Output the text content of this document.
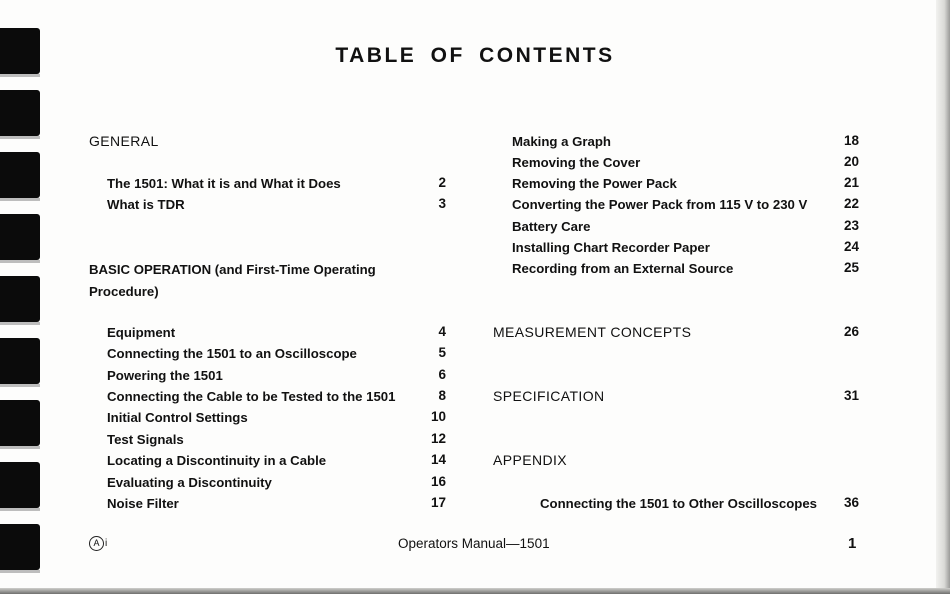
TABLE OF CONTENTS
GENERAL
The 1501: What it is and What it Does	2
What is TDR	3
BASIC OPERATION (and First-Time Operating
Procedure)
Equipment	4
Connecting the 1501 to an Oscilloscope	5
Powering the 1501	6
Connecting the Cable to be Tested to the 1501	8
Initial Control Settings	10
Test Signals	12
Locating a Discontinuity in a Cable	14
Evaluating a Discontinuity	16
Noise Filter	17
Making a Graph	18
Removing the Cover	20
Removing the Power Pack	21
Converting the Power Pack from 115 V to 230 V	22
Battery Care	23
Installing Chart Recorder Paper	24
Recording from an External Source	25
MEASUREMENT CONCEPTS	26
SPECIFICATION	31
APPENDIX
Connecting the 1501 to Other Oscilloscopes	36
A i	Operators Manual—1501	1
